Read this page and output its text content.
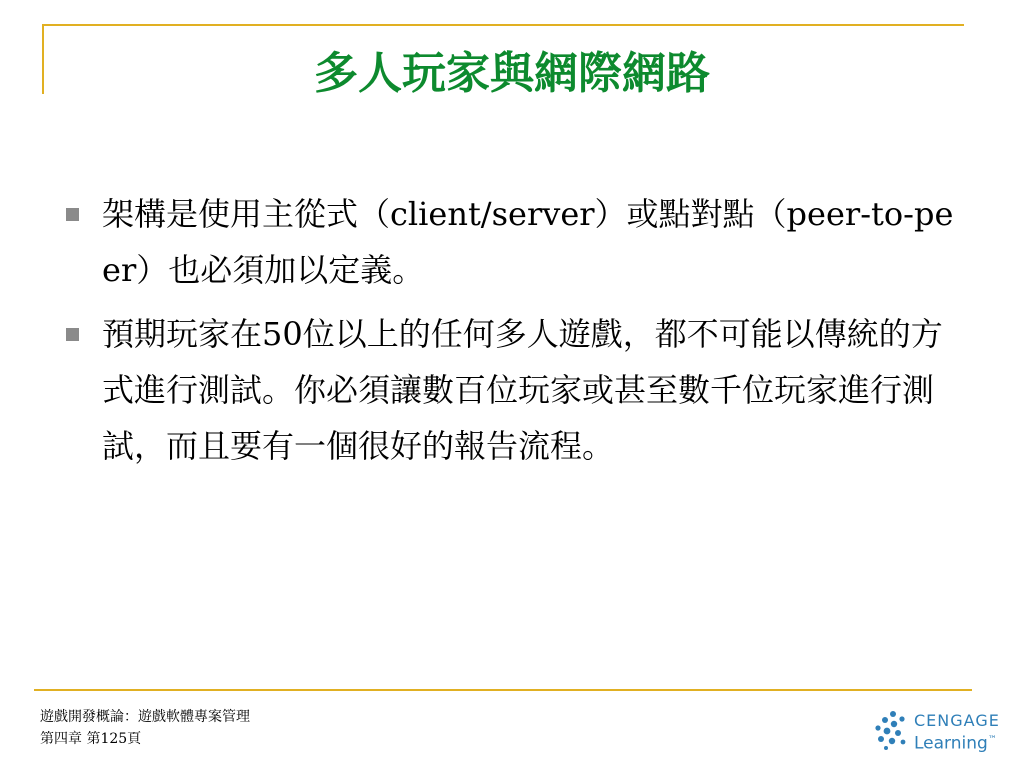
多人玩家與網際網路
架構是使用主從式（client/server）或點對點（peer-to-peer）也必須加以定義。
預期玩家在50位以上的任何多人遊戲，都不可能以傳統的方式進行測試。你必須讓數百位玩家或甚至數千位玩家進行測試，而且要有一個很好的報告流程。
遊戲開發概論：遊戲軟體專案管理
第四章 第125頁
CENGAGE
Learning™
